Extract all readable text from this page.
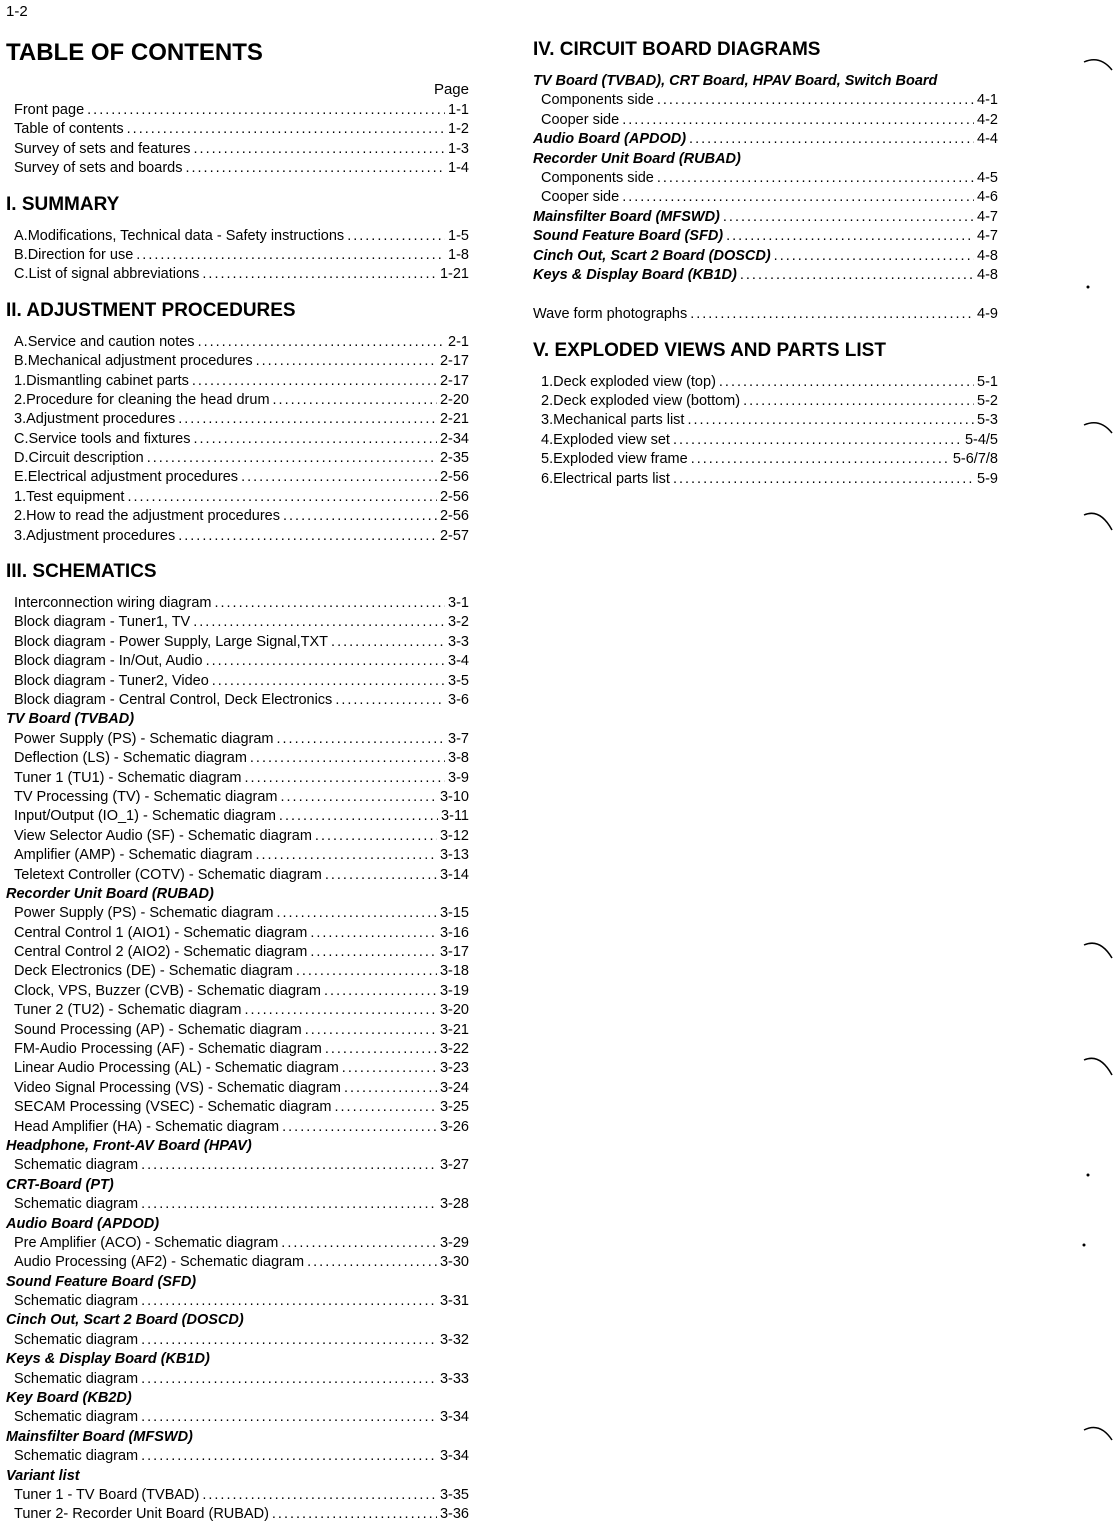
1-2
TABLE OF CONTENTS
Page
Front page .....	1-1
Table of contents .....	1-2
Survey of sets and features .....	1-3
Survey of sets and boards .....	1-4
I. SUMMARY
A. Modifications, Technical data - Safety instructions .....	1-5
B. Direction for use .....	1-8
C. List of signal abbreviations .....	1-21
II. ADJUSTMENT PROCEDURES
A. Service and caution notes .....	2-1
B. Mechanical adjustment procedures .....	2-17
1. Dismantling cabinet parts .....	2-17
2. Procedure for cleaning the head drum .....	2-20
3. Adjustment procedures .....	2-21
C. Service tools and fixtures .....	2-34
D. Circuit description .....	2-35
E. Electrical adjustment procedures .....	2-56
1. Test equipment .....	2-56
2. How to read the adjustment procedures .....	2-56
3. Adjustment procedures .....	2-57
III. SCHEMATICS
Interconnection wiring diagram .....	3-1
Block diagram - Tuner1, TV .....	3-2
Block diagram - Power Supply, Large Signal,TXT .....	3-3
Block diagram - In/Out, Audio .....	3-4
Block diagram - Tuner2, Video .....	3-5
Block diagram - Central Control, Deck Electronics .....	3-6
TV Board (TVBAD)
Power Supply (PS) - Schematic diagram .....	3-7
Deflection (LS) - Schematic diagram .....	3-8
Tuner 1 (TU1) - Schematic diagram .....	3-9
TV Processing (TV) - Schematic diagram .....	3-10
Input/Output (IO_1) - Schematic diagram .....	3-11
View Selector Audio (SF) - Schematic diagram .....	3-12
Amplifier (AMP) - Schematic diagram .....	3-13
Teletext Controller (COTV) - Schematic diagram .....	3-14
Recorder Unit Board (RUBAD)
Power Supply (PS) - Schematic diagram .....	3-15
Central Control 1 (AIO1) - Schematic diagram .....	3-16
Central Control 2 (AIO2) - Schematic diagram .....	3-17
Deck Electronics (DE) - Schematic diagram .....	3-18
Clock, VPS, Buzzer (CVB) - Schematic diagram .....	3-19
Tuner 2 (TU2) - Schematic diagram .....	3-20
Sound Processing (AP) - Schematic diagram .....	3-21
FM-Audio Processing (AF) - Schematic diagram .....	3-22
Linear Audio Processing (AL) - Schematic diagram .....	3-23
Video Signal Processing (VS) - Schematic diagram .....	3-24
SECAM Processing (VSEC) - Schematic diagram .....	3-25
Head Amplifier (HA) - Schematic diagram .....	3-26
Headphone, Front-AV Board (HPAV)
Schematic diagram .....	3-27
CRT-Board (PT)
Schematic diagram .....	3-28
Audio Board (APDOD)
Pre Amplifier (ACO) - Schematic diagram .....	3-29
Audio Processing (AF2) - Schematic diagram .....	3-30
Sound Feature Board (SFD)
Schematic diagram .....	3-31
Cinch Out, Scart 2 Board (DOSCD)
Schematic diagram .....	3-32
Keys & Display Board (KB1D)
Schematic diagram .....	3-33
Key Board (KB2D)
Schematic diagram .....	3-34
Mainsfilter Board (MFSWD)
Schematic diagram .....	3-34
Variant list
Tuner 1 - TV Board (TVBAD) .....	3-35
Tuner 2- Recorder Unit Board (RUBAD) .....	3-36
IV. CIRCUIT BOARD DIAGRAMS
TV Board (TVBAD), CRT Board, HPAV Board, Switch Board
Components side .....	4-1
Cooper side .....	4-2
Audio Board (APDOD) .....	4-4
Recorder Unit Board (RUBAD)
Components side .....	4-5
Cooper side .....	4-6
Mainsfilter Board (MFSWD) .....	4-7
Sound Feature Board (SFD) .....	4-7
Cinch Out, Scart 2 Board (DOSCD) .....	4-8
Keys & Display Board (KB1D) .....	4-8
Wave form photographs .....	4-9
V. EXPLODED VIEWS AND PARTS LIST
1. Deck exploded view (top) .....	5-1
2. Deck exploded view (bottom) .....	5-2
3. Mechanical parts list .....	5-3
4. Exploded view set .....	5-4/5
5. Exploded view frame .....	5-6/7/8
6. Electrical parts list .....	5-9
